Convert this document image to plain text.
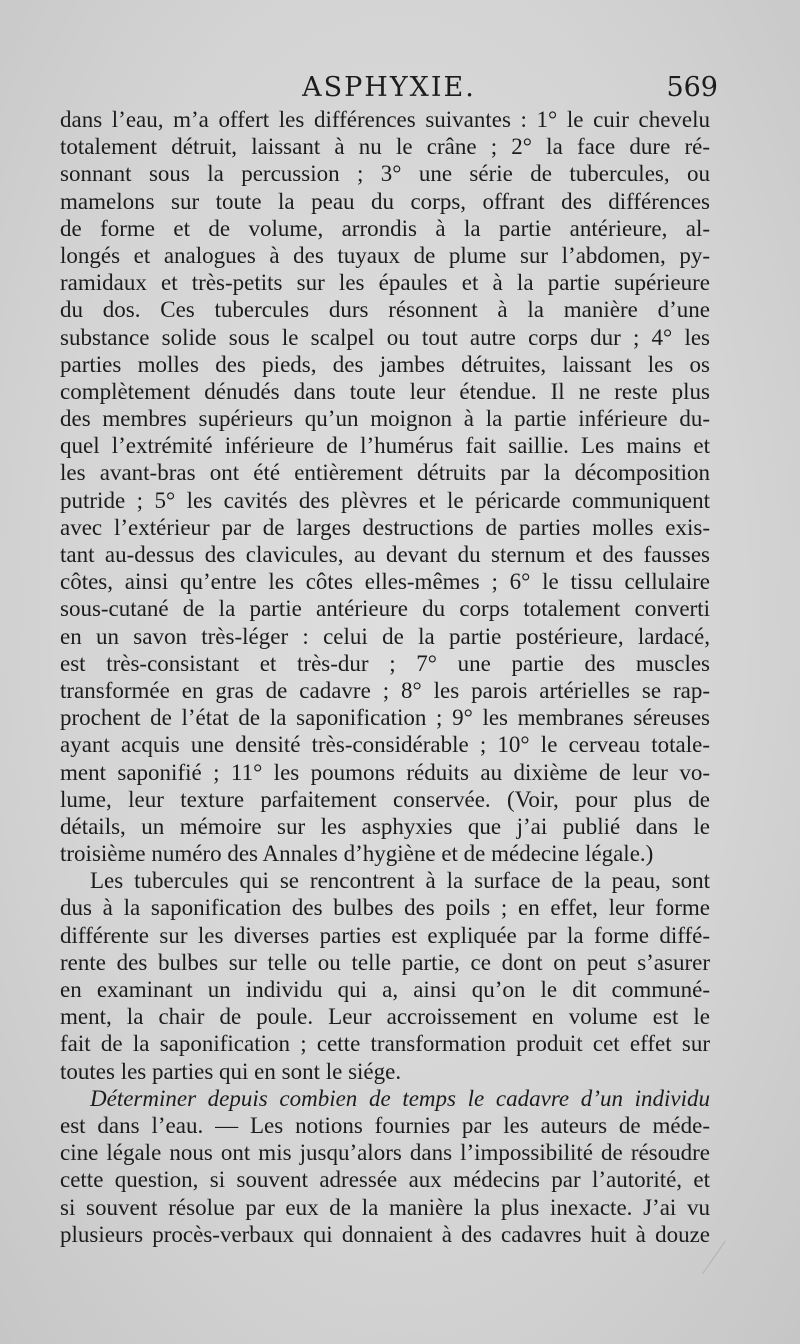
ASPHYXIE.	569
dans l’eau, m’a offert les différences suivantes : 1° le cuir chevelu
totalement détruit, laissant à nu le crâne ; 2° la face dure ré-
sonnant sous la percussion ; 3° une série de tubercules, ou
mamelons sur toute la peau du corps, offrant des différences
de forme et de volume, arrondis à la partie antérieure, al-
longés et analogues à des tuyaux de plume sur l’abdomen, py-
ramidaux et très-petits sur les épaules et à la partie supérieure
du dos. Ces tubercules durs résonnent à la manière d’une
substance solide sous le scalpel ou tout autre corps dur ; 4° les
parties molles des pieds, des jambes détruites, laissant les os
complètement dénudés dans toute leur étendue. Il ne reste plus
des membres supérieurs qu’un moignon à la partie inférieure du-
quel l’extrémité inférieure de l’humérus fait saillie. Les mains et
les avant-bras ont été entièrement détruits par la décomposition
putride ; 5° les cavités des plèvres et le péricarde communiquent
avec l’extérieur par de larges destructions de parties molles exis-
tant au-dessus des clavicules, au devant du sternum et des fausses
côtes, ainsi qu’entre les côtes elles-mêmes ; 6° le tissu cellulaire
sous-cutané de la partie antérieure du corps totalement converti
en un savon très-léger : celui de la partie postérieure, lardacé,
est très-consistant et très-dur ; 7° une partie des muscles
transformée en gras de cadavre ; 8° les parois artérielles se rap-
prochent de l’état de la saponification ; 9° les membranes séreuses
ayant acquis une densité très-considérable ; 10° le cerveau totale-
ment saponifié ; 11° les poumons réduits au dixième de leur vo-
lume, leur texture parfaitement conservée. (Voir, pour plus de
détails, un mémoire sur les asphyxies que j’ai publié dans le
troisième numéro des Annales d’hygiène et de médecine légale.)
Les tubercules qui se rencontrent à la surface de la peau, sont
dus à la saponification des bulbes des poils ; en effet, leur forme
différente sur les diverses parties est expliquée par la forme diffé-
rente des bulbes sur telle ou telle partie, ce dont on peut s’asurer
en examinant un individu qui a, ainsi qu’on le dit communé-
ment, la chair de poule. Leur accroissement en volume est le
fait de la saponification ; cette transformation produit cet effet sur
toutes les parties qui en sont le siége.
Déterminer depuis combien de temps le cadavre d’un individu
est dans l’eau. — Les notions fournies par les auteurs de méde-
cine légale nous ont mis jusqu’alors dans l’impossibilité de résoudre
cette question, si souvent adressée aux médecins par l’autorité, et
si souvent résolue par eux de la manière la plus inexacte. J’ai vu
plusieurs procès-verbaux qui donnaient à des cadavres huit à douze
